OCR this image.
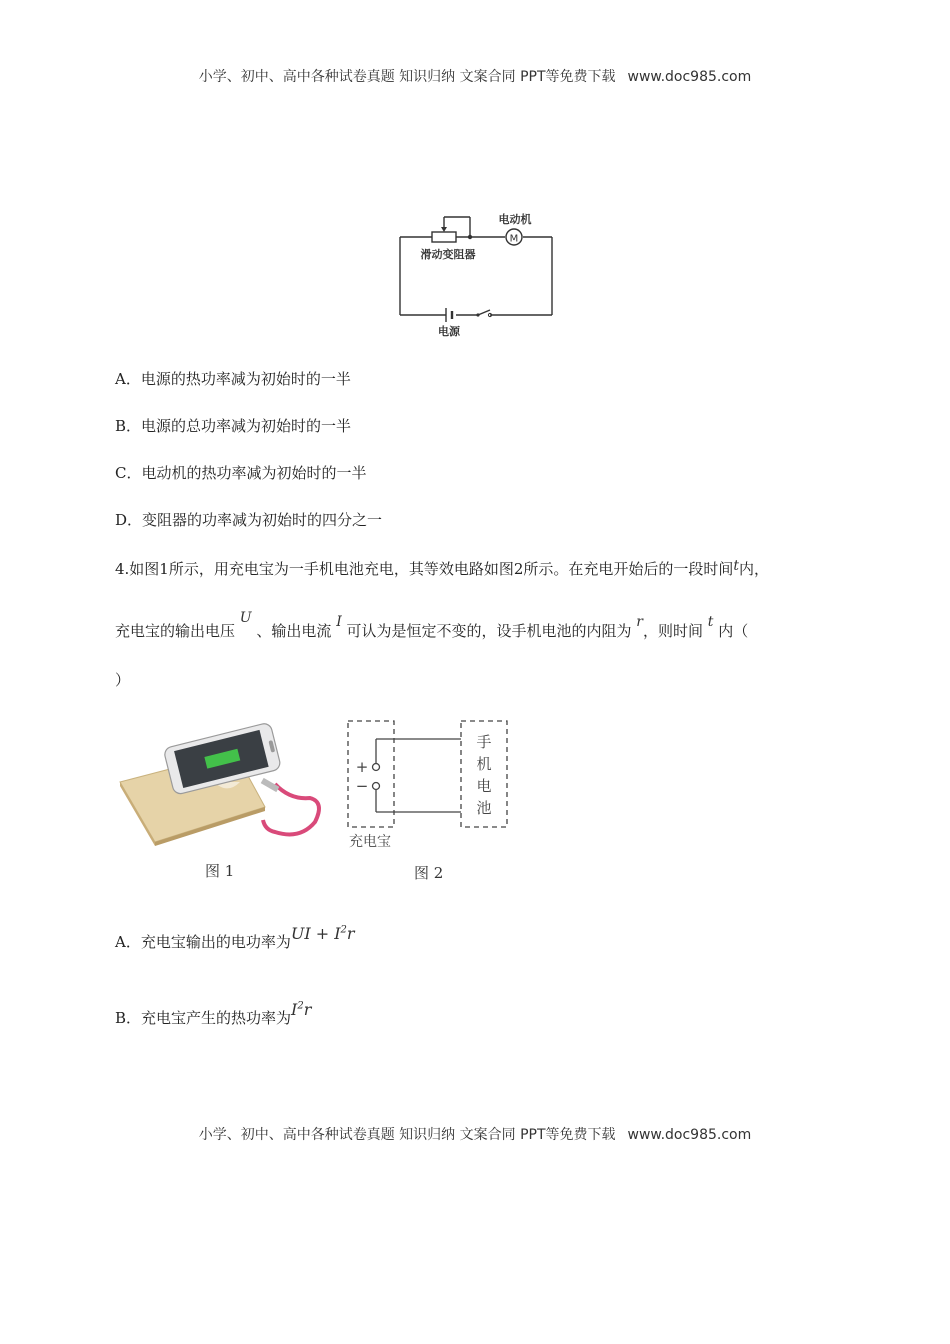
小学、初中、高中各种试卷真题 知识归纳 文案合同 PPT等免费下载 www.doc985.com
M
电动机
滑动变阻器
电源
A．电源的热功率减为初始时的一半
B．电源的总功率减为初始时的一半
C．电动机的热功率减为初始时的一半
D．变阻器的功率减为初始时的四分之一
4.如图1所示，用充电宝为一手机电池充电，其等效电路如图2所示。在充电开始后的一段时间t内，
充电宝的输出电压 U 、输出电流 I 可认为是恒定不变的，设手机电池的内阻为 r，则时间 t 内（
）
图 1
+
−
充电宝
手
机
电
池
图 2
A．充电宝输出的电功率为UI + $I^2r$
B．充电宝产生的热功率为$I^2r$
小学、初中、高中各种试卷真题 知识归纳 文案合同 PPT等免费下载 www.doc985.com
